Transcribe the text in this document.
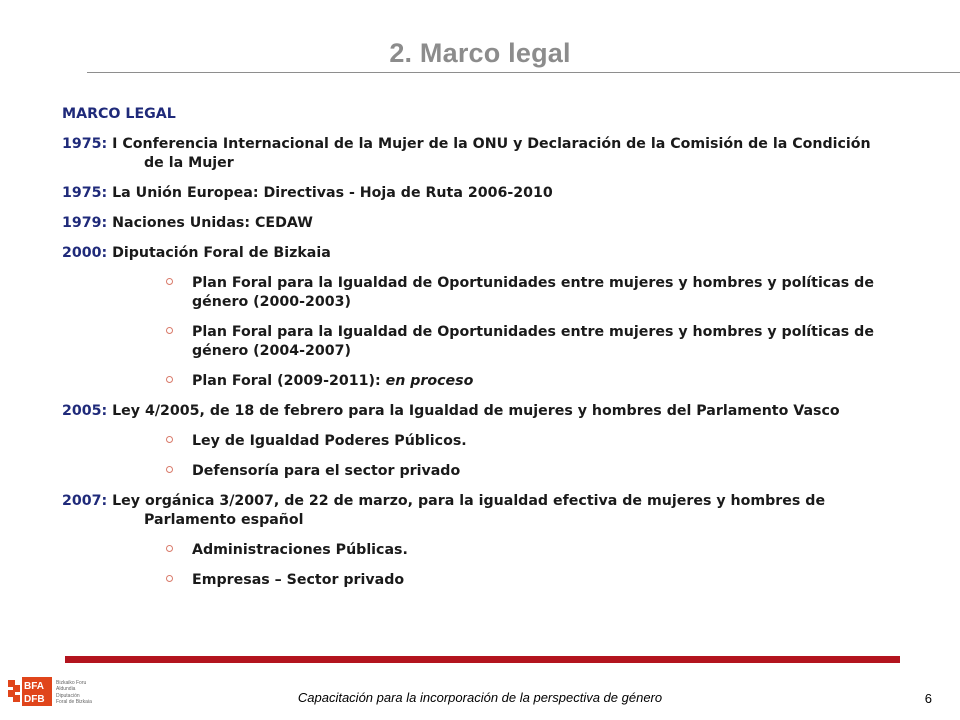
2. Marco legal
MARCO LEGAL
1975: I Conferencia Internacional de la Mujer de la ONU y Declaración de la Comisión de la Condición
de la Mujer
1975: La Unión Europea: Directivas - Hoja de Ruta 2006-2010
1979: Naciones Unidas: CEDAW
2000: Diputación Foral de Bizkaia
Plan Foral para la Igualdad de Oportunidades entre mujeres y hombres y políticas de
género (2000-2003)
Plan Foral para la Igualdad de Oportunidades entre mujeres y hombres y políticas de
género (2004-2007)
Plan Foral (2009-2011): en proceso
2005: Ley 4/2005, de 18 de febrero para la Igualdad de mujeres y hombres del Parlamento Vasco
Ley de Igualdad Poderes Públicos.
Defensoría para el sector privado
2007: Ley orgánica 3/2007, de 22 de marzo, para la igualdad efectiva de mujeres y hombres de
Parlamento español
Administraciones Públicas.
Empresas – Sector privado
BFA
DFB
Bizkaiko Foru
Aldundia
Diputación
Foral de Bizkaia	Capacitación para la incorporación de la perspectiva de género	6
